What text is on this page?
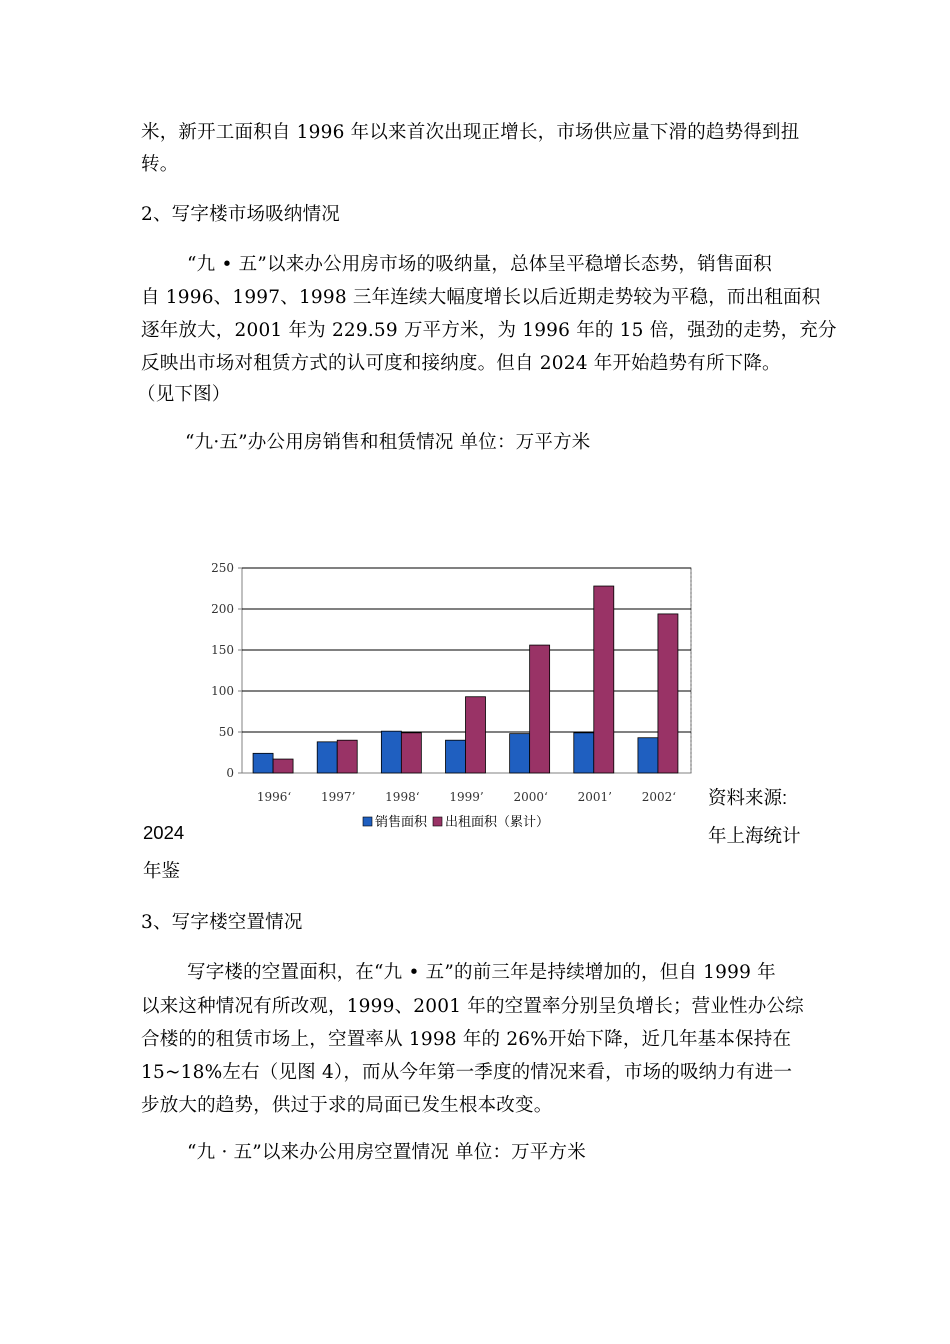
米，新开工面积自 1996 年以来首次出现正增长，市场供应量下滑的趋势得到扭
转。
2、写字楼市场吸纳情况
“九 • 五”以来办公用房市场的吸纳量，总体呈平稳增长态势，销售面积
自 1996、1997、1998 三年连续大幅度增长以后近期走势较为平稳，而出租面积
逐年放大，2001 年为 229.59 万平方米，为 1996 年的 15 倍，强劲的走势，充分
反映出市场对租赁方式的认可度和接纳度。但自 2024 年开始趋势有所下降。
（见下图）
“九·五”办公用房销售和租赁情况 单位：万平方米
0
50
100
150
200
250
1996‘ 1997’ 1998‘ 1999’ 2000‘ 2001’ 2002‘
销售面积 出租面积（累计）
资料来源:
2024	年上海统计
年鉴
3、写字楼空置情况
写字楼的空置面积，在“九 • 五”的前三年是持续增加的，但自 1999 年
以来这种情况有所改观，1999、2001 年的空置率分别呈负增长；营业性办公综
合楼的的租赁市场上，空置率从 1998 年的 26%开始下降，近几年基本保持在
15~18%左右（见图 4），而从今年第一季度的情况来看，市场的吸纳力有进一
步放大的趋势，供过于求的局面已发生根本改变。
“九 · 五”以来办公用房空置情况 单位：万平方米
